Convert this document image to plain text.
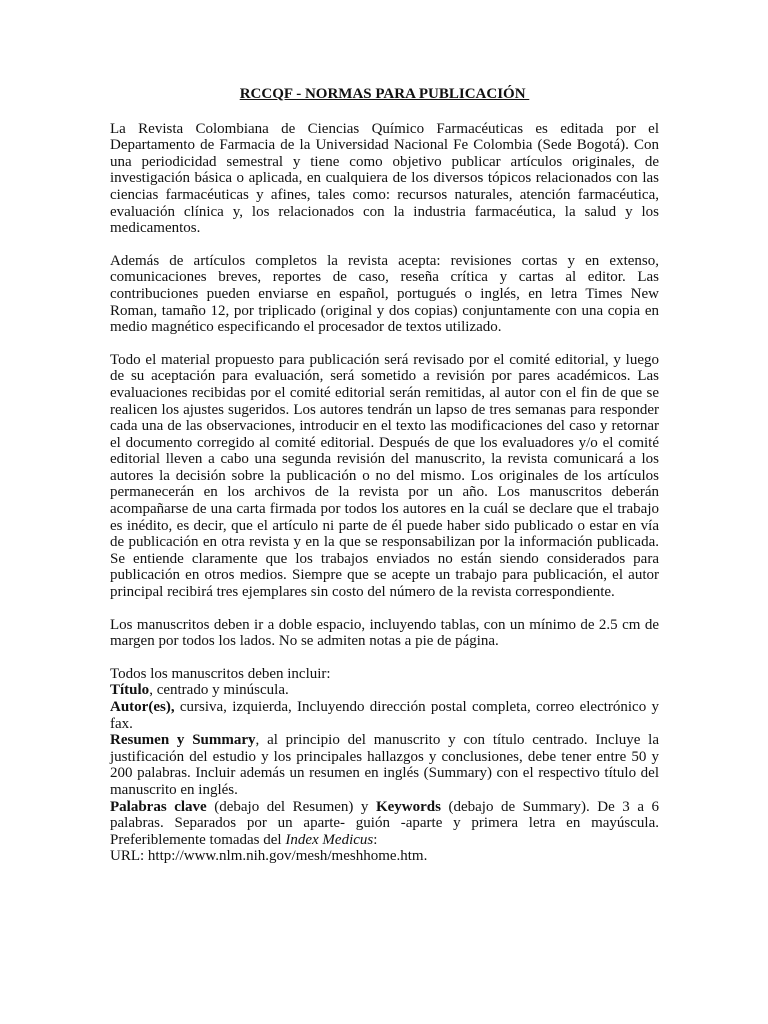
RCCQF - NORMAS PARA PUBLICACIÓN

La Revista Colombiana de Ciencias Químico Farmacéuticas es editada por el Departamento de Farmacia de la Universidad Nacional Fe Colombia (Sede Bogotá). Con una periodicidad semestral y tiene como objetivo publicar artículos originales, de investigación básica o aplicada, en cualquiera de los diversos tópicos relacionados con las ciencias farmacéuticas y afines, tales como: recursos naturales, atención farmacéutica, evaluación clínica y, los relacionados con la industria farmacéutica, la salud y los medicamentos.

Además de artículos completos la revista acepta: revisiones cortas y en extenso, comunicaciones breves, reportes de caso, reseña crítica y cartas al editor. Las contribuciones pueden enviarse en español, portugués o inglés, en letra Times New Roman, tamaño 12, por triplicado (original y dos copias) conjuntamente con una copia en medio magnético especificando el procesador de textos utilizado.

Todo el material propuesto para publicación será revisado por el comité editorial, y luego de su aceptación para evaluación, será sometido a revisión por pares académicos. Las evaluaciones recibidas por el comité editorial serán remitidas, al autor con el fin de que se realicen los ajustes sugeridos. Los autores tendrán un lapso de tres semanas para responder cada una de las observaciones, introducir en el texto las modificaciones del caso y retornar el documento corregido al comité editorial. Después de que los evaluadores y/o el comité editorial lleven a cabo una segunda revisión del manuscrito, la revista comunicará a los autores la decisión sobre la publicación o no del mismo. Los originales de los artículos permanecerán en los archivos de la revista por un año. Los manuscritos deberán acompañarse de una carta firmada por todos los autores en la cuál se declare que el trabajo es inédito, es decir, que el artículo ni parte de él puede haber sido publicado o estar en vía de publicación en otra revista y en la que se responsabilizan por la información publicada. Se entiende claramente que los trabajos enviados no están siendo considerados para publicación en otros medios. Siempre que se acepte un trabajo para publicación, el autor principal recibirá tres ejemplares sin costo del número de la revista correspondiente.

Los manuscritos deben ir a doble espacio, incluyendo tablas, con un mínimo de 2.5 cm de margen por todos los lados. No se admiten notas a pie de página.

Todos los manuscritos deben incluir:

Título, centrado y minúscula.

Autor(es), cursiva, izquierda, Incluyendo dirección postal completa, correo electrónico y fax.

Resumen y Summary, al principio del manuscrito y con título centrado. Incluye la justificación del estudio y los principales hallazgos y conclusiones, debe tener entre 50 y 200 palabras. Incluir además un resumen en inglés (Summary) con el respectivo título del manuscrito en inglés.

Palabras clave (debajo del Resumen) y Keywords (debajo de Summary). De 3 a 6 palabras. Separados por un aparte- guión -aparte y primera letra en mayúscula. Preferiblemente tomadas del Index Medicus:

URL: http://www.nlm.nih.gov/mesh/meshhome.htm.
